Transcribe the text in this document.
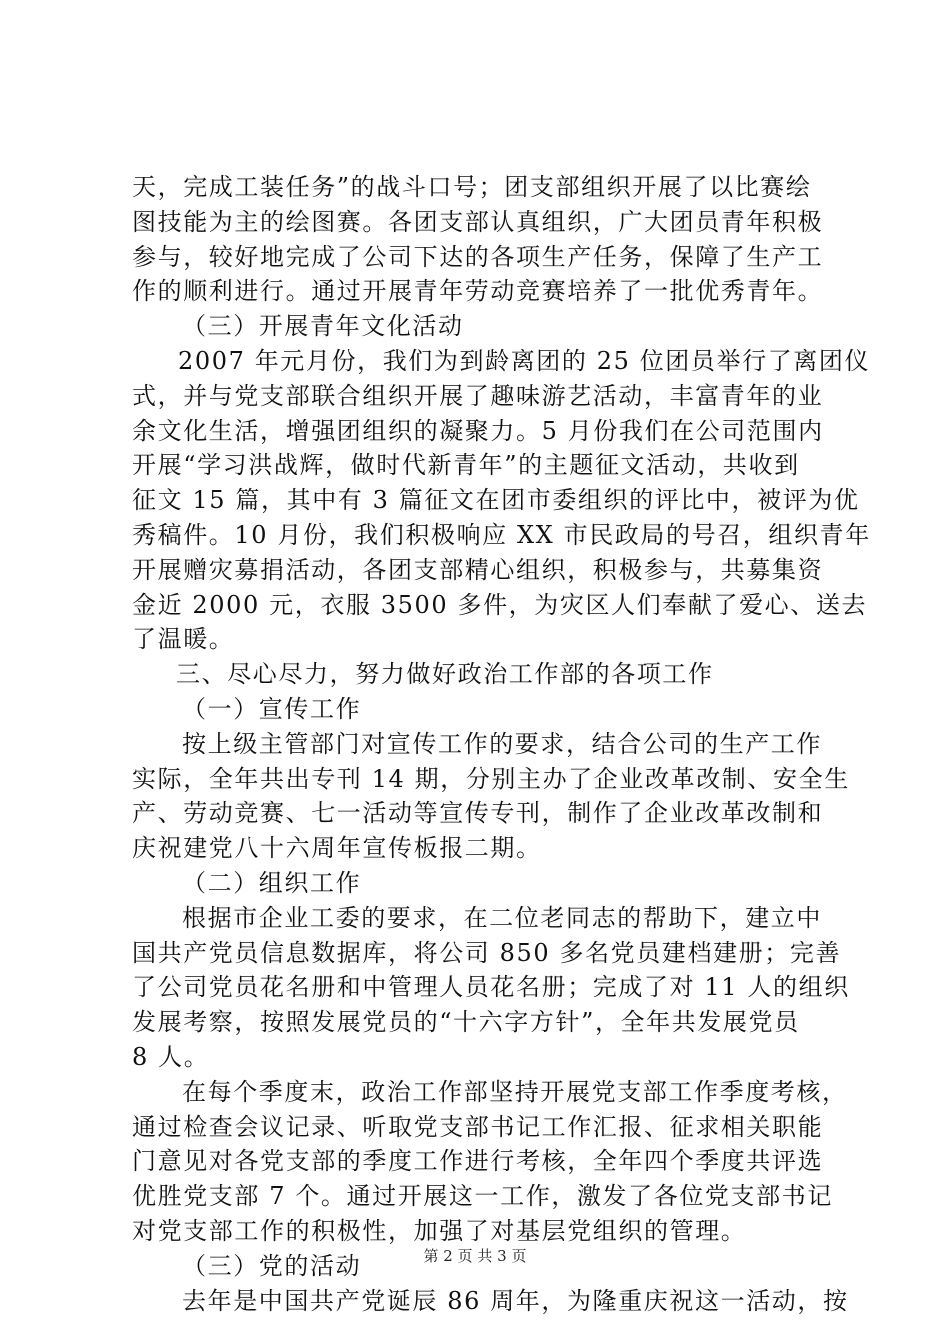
天，完成工装任务”的战斗口号；团支部组织开展了以比赛绘
图技能为主的绘图赛。各团支部认真组织，广大团员青年积极
参与，较好地完成了公司下达的各项生产任务，保障了生产工
作的顺利进行。通过开展青年劳动竞赛培养了一批优秀青年。
（三）开展青年文化活动
2007 年元月份，我们为到龄离团的 25 位团员举行了离团仪
式，并与党支部联合组织开展了趣味游艺活动，丰富青年的业
余文化生活，增强团组织的凝聚力。5 月份我们在公司范围内
开展“学习洪战辉，做时代新青年”的主题征文活动，共收到
征文 15 篇，其中有 3 篇征文在团市委组织的评比中，被评为优
秀稿件。10 月份，我们积极响应 XX 市民政局的号召，组织青年
开展赠灾募捐活动，各团支部精心组织，积极参与，共募集资
金近 2000 元，衣服 3500 多件，为灾区人们奉献了爱心、送去
了温暖。
三、尽心尽力，努力做好政治工作部的各项工作
（一）宣传工作
按上级主管部门对宣传工作的要求，结合公司的生产工作
实际，全年共出专刊 14 期，分别主办了企业改革改制、安全生
产、劳动竞赛、七一活动等宣传专刊，制作了企业改革改制和
庆祝建党八十六周年宣传板报二期。
（二）组织工作
根据市企业工委的要求，在二位老同志的帮助下，建立中
国共产党员信息数据库，将公司 850 多名党员建档建册；完善
了公司党员花名册和中管理人员花名册；完成了对 11 人的组织
发展考察，按照发展党员的“十六字方针”，全年共发展党员
8 人。
在每个季度末，政治工作部坚持开展党支部工作季度考核，
通过检查会议记录、听取党支部书记工作汇报、征求相关职能
门意见对各党支部的季度工作进行考核，全年四个季度共评选
优胜党支部 7 个。通过开展这一工作，激发了各位党支部书记
对党支部工作的积极性，加强了对基层党组织的管理。
（三）党的活动
去年是中国共产党诞辰 86 周年，为隆重庆祝这一活动，按
第 2 页 共 3 页
